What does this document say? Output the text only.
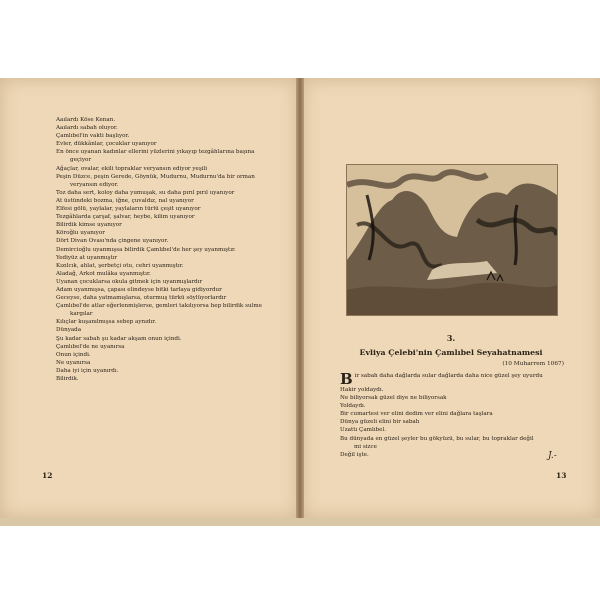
Aaılardı Köse Kenan.
Aaılardı sabah oluyor.
Çamlıbel'in vakti başlıyor.
Evler, dükkânlar, çocuklar uyanıyor
En önce uyanan kadınlar ellerini yüzlerini yıkayıp tezgâhlarına başına
geçiyor
Ağaçlar, ovalar, ekili topraklar veryansın ediyor yeşili
Peşin Düzce, peşin Gerede, Göynük, Mudurnu, Mudurnu'da bir orman
veryansın ediyor.
Toz daha sert, koloy daha yumuşak, su daha pırıl pırıl uyanıyor
At üstündeki bozma, iğne, çuvaldız, nal uyanıyor
Elfesi gölü, yaylalar, yaylaların türlü çeşit uyanıyor
Tezgâhlarda çarşaf, şalvar, heybe, kilim uyanıyor
Bilirdik kimse uyanıyor
Köroğlu uyanıyor
Dört Divan Ovası'nda çingene uyanıyor.
Demircioğlu uyanmışsa bilirdik Çamlıbel'de her şey uyanmıştır.
Yediyüz at uyanmıştır
Kızılcık, ahlat, şerbetçi otu, cehri uyanmıştır.
Aladağ, Arkot mulâka uyanmıştır.
Uyanan çocuklarsa okula gitmek için uyanmışlardır
Adam uyanmışsa, çapası elindeyse bitki tarlaya gidiyordur
Geceyse, daha yatmamışlarsa, oturmuş türkü söylüyorlardır
Çamlıbel'de atlar eğerlenmişlerse, gemleri takılıyorsa hep bilirdik sulme
kargılar
Kılıçlar kuşanılmışsa sebep aynıdır.
Dünyada
Şu kadar sabah şu kadar akşam onun içindi.
Çamlıbel'de ne uyanırsa
Onun içindi.
Ne uyanırsa
Daha iyi için uyanırdı.
Bilirdik.
12
3.
Evliya Çelebi'nin Çamlıbel Seyahatnamesi
(10 Muharrem 1067)
B ir sabah daha dağlarda sular dağlarda daha nice güzel şey uyurdu
Hakir yoldaydı.
Ne biliyorsak güzel diye ne biliyorsak
Yoldaydı.
Bir cumartesi ver elini dedim ver elini dağlara taşlara
Dünya güzeli elini bir sabah
Uzattı Çamlıbel.
Bu dünyada en güzel şeyler bu gökyüzü, bu sular, bu topraklar değil
mi sizce
Değil işte.	J.-
13
